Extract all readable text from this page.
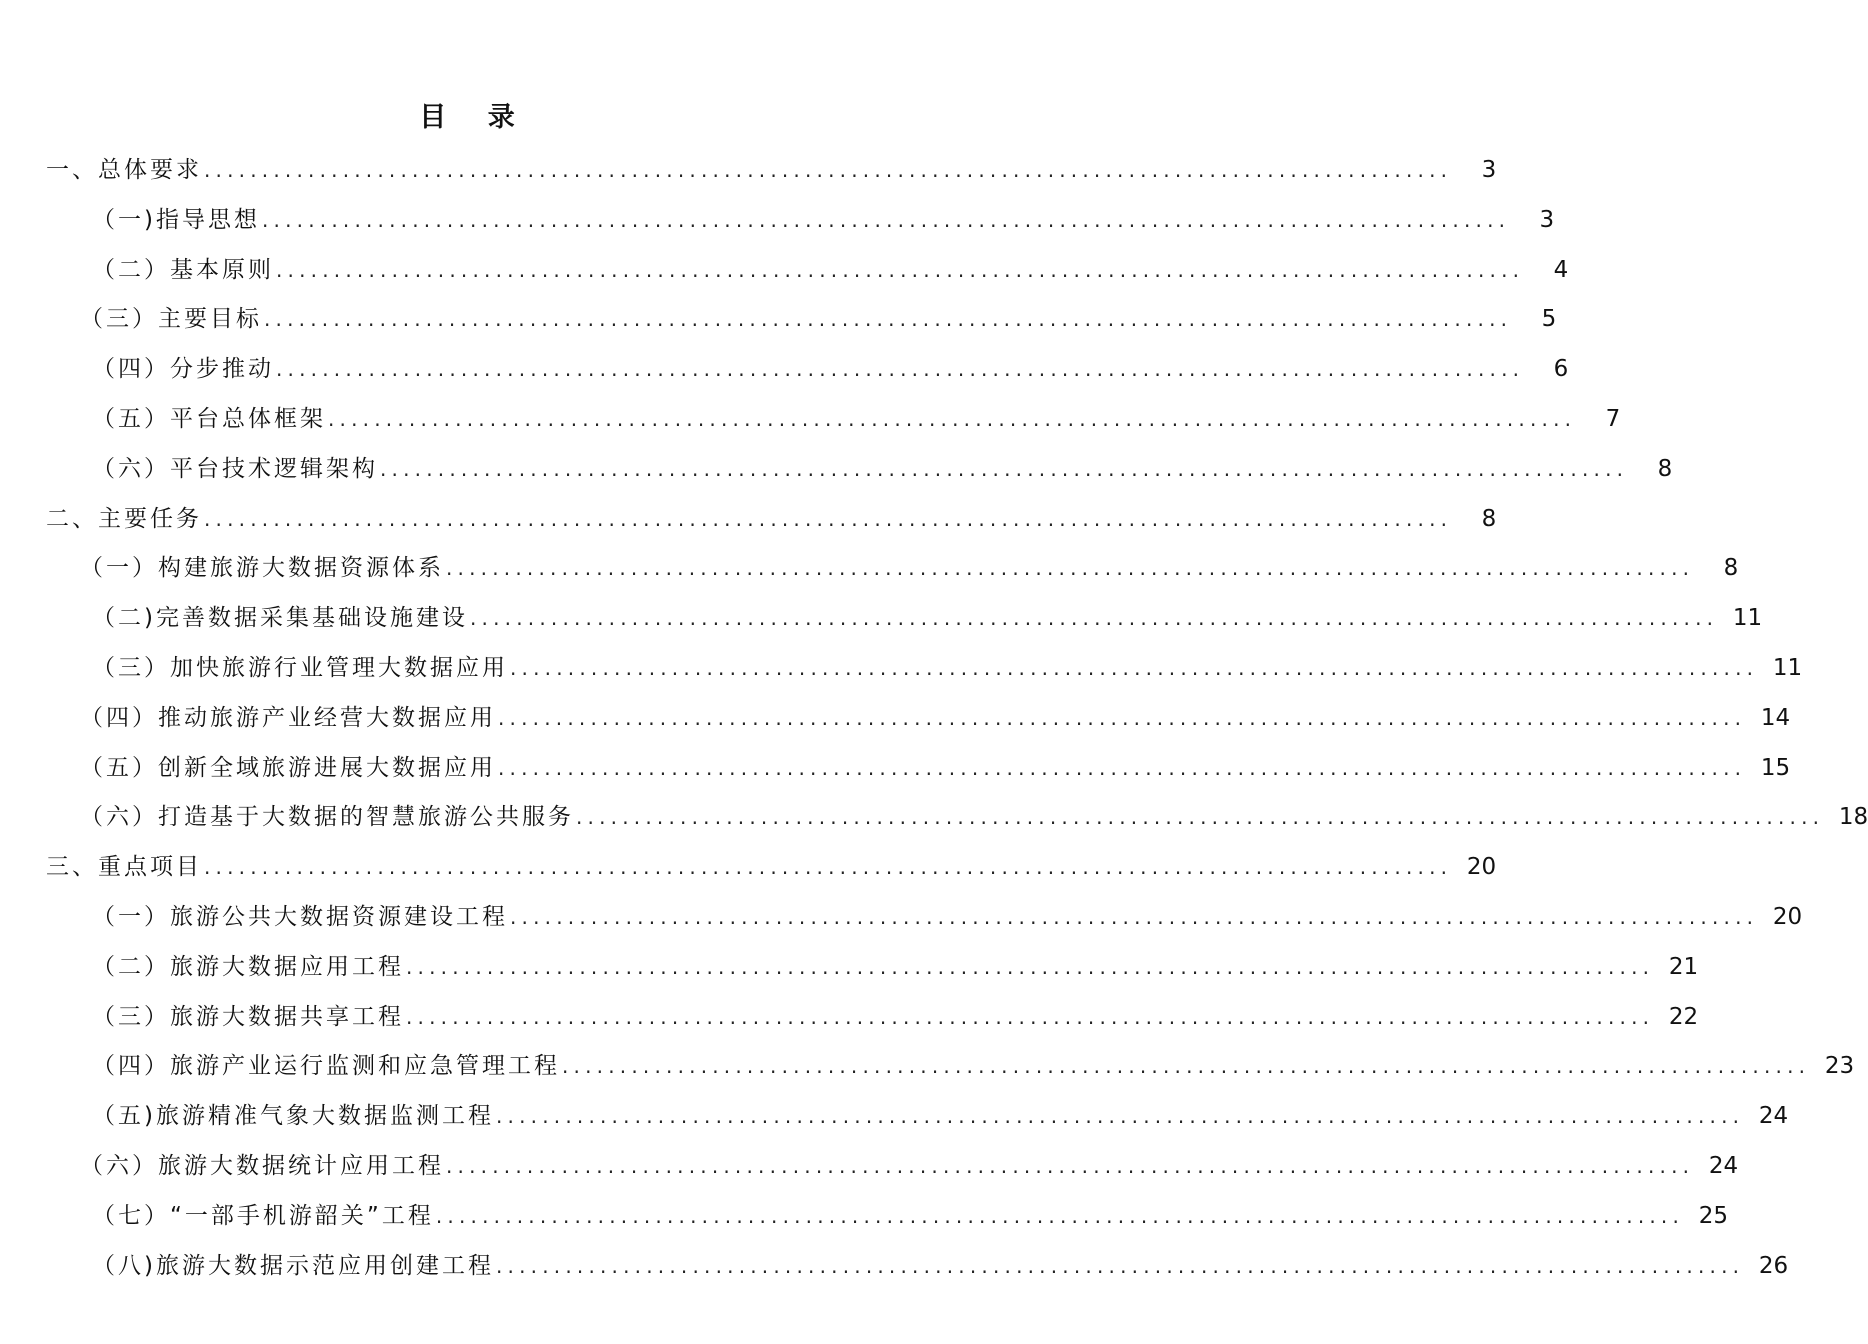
目 录
一、总体要求 ............................................................................................................	3
（一)指导思想 ............................................................................................................	3
（二）基本原则 ............................................................................................................	4
（三）主要目标 ............................................................................................................	5
（四）分步推动 ............................................................................................................	6
（五）平台总体框架 ............................................................................................................	7
（六）平台技术逻辑架构 ............................................................................................................	8
二、主要任务 ............................................................................................................	8
（一）构建旅游大数据资源体系 ............................................................................................................	8
（二)完善数据采集基础设施建设 ............................................................................................................ 11
（三）加快旅游行业管理大数据应用 ............................................................................................................ 11
（四）推动旅游产业经营大数据应用 ............................................................................................................ 14
（五）创新全域旅游进展大数据应用 ............................................................................................................ 15
（六）打造基于大数据的智慧旅游公共服务 ............................................................................................................ 18
三、重点项目 ............................................................................................................ 20
（一）旅游公共大数据资源建设工程 ............................................................................................................ 20
（二）旅游大数据应用工程 ............................................................................................................ 21
（三）旅游大数据共享工程 ............................................................................................................ 22
（四）旅游产业运行监测和应急管理工程 ............................................................................................................ 23
（五)旅游精准气象大数据监测工程 ............................................................................................................ 24
（六）旅游大数据统计应用工程 ............................................................................................................ 24
（七）“一部手机游韶关”工程 ............................................................................................................ 25
（八)旅游大数据示范应用创建工程 ............................................................................................................ 26
